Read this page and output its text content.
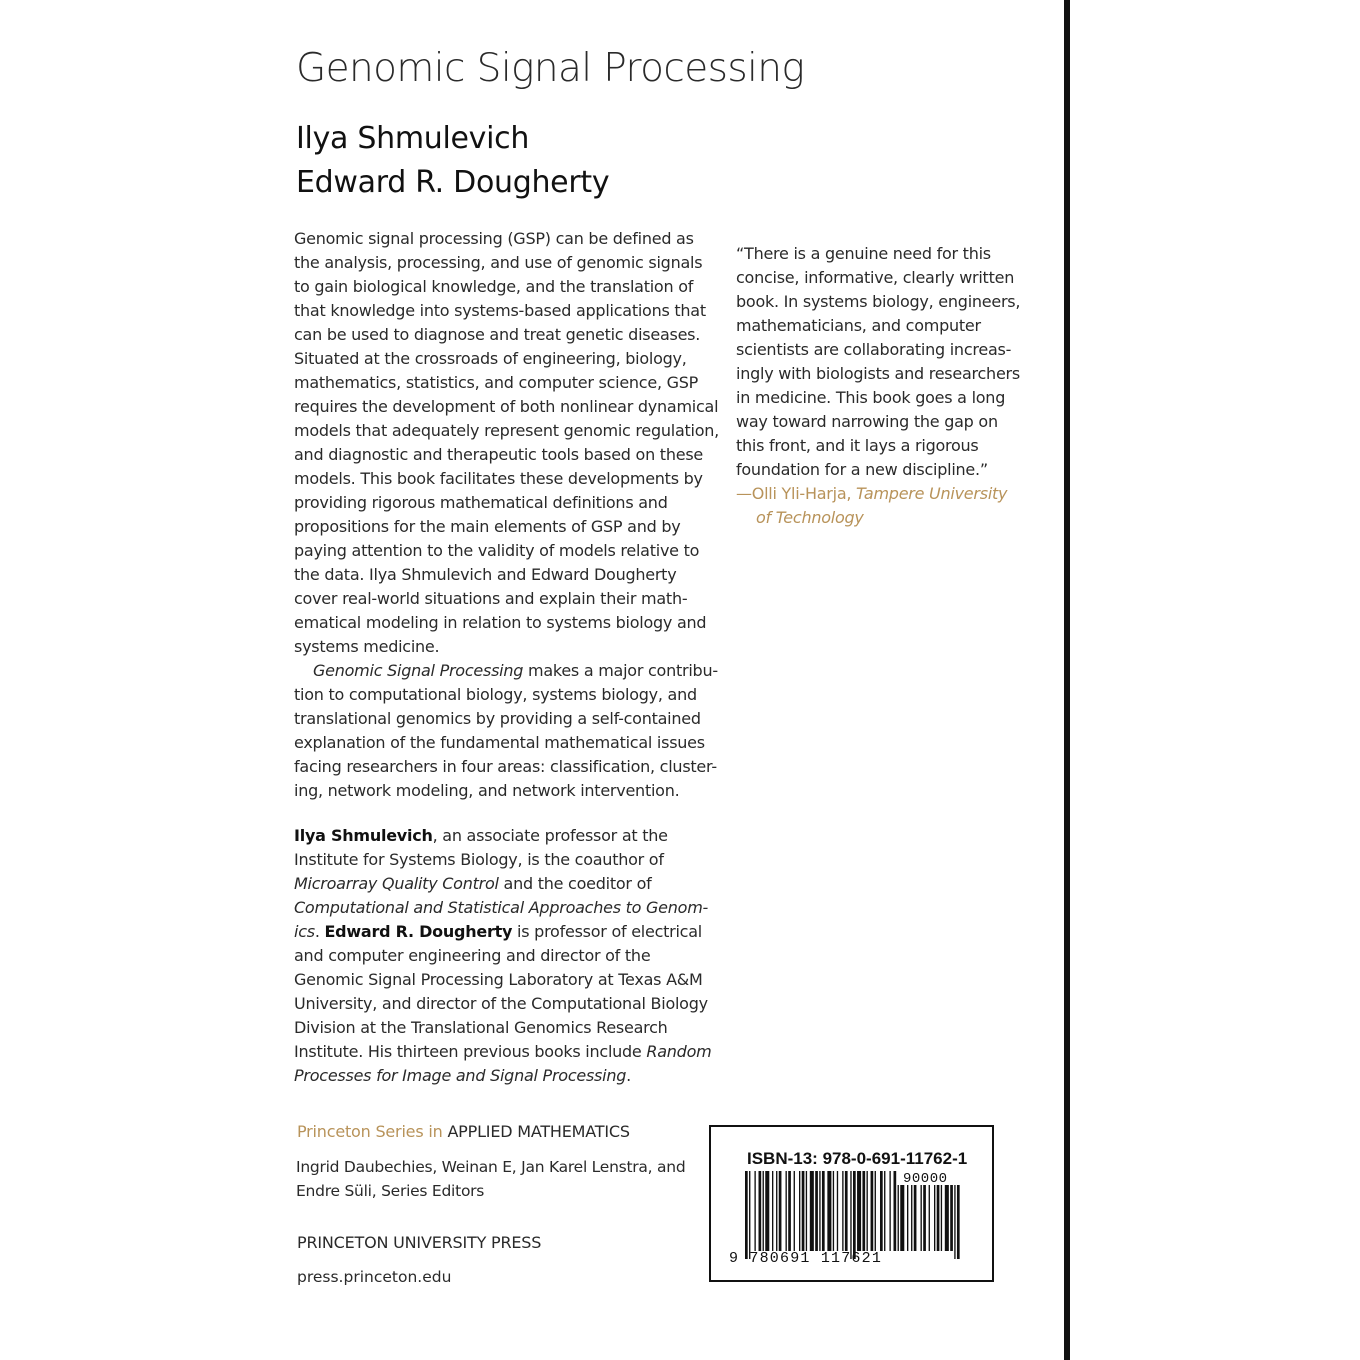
Genomic Signal Processing
Ilya Shmulevich
Edward R. Dougherty
Genomic signal processing (GSP) can be defined as
the analysis, processing, and use of genomic signals
to gain biological knowledge, and the translation of
that knowledge into systems-based applications that
can be used to diagnose and treat genetic diseases.
Situated at the crossroads of engineering, biology,
mathematics, statistics, and computer science, GSP
requires the development of both nonlinear dynamical
models that adequately represent genomic regulation,
and diagnostic and therapeutic tools based on these
models. This book facilitates these developments by
providing rigorous mathematical definitions and
propositions for the main elements of GSP and by
paying attention to the validity of models relative to
the data. Ilya Shmulevich and Edward Dougherty
cover real-world situations and explain their math-
ematical modeling in relation to systems biology and
systems medicine.
Genomic Signal Processing makes a major contribu-
tion to computational biology, systems biology, and
translational genomics by providing a self-contained
explanation of the fundamental mathematical issues
facing researchers in four areas: classification, cluster-
ing, network modeling, and network intervention.
Ilya Shmulevich, an associate professor at the
Institute for Systems Biology, is the coauthor of
Microarray Quality Control and the coeditor of
Computational and Statistical Approaches to Genom-
ics. Edward R. Dougherty is professor of electrical
and computer engineering and director of the
Genomic Signal Processing Laboratory at Texas A&M
University, and director of the Computational Biology
Division at the Translational Genomics Research
Institute. His thirteen previous books include Random
Processes for Image and Signal Processing.
“There is a genuine need for this
concise, informative, clearly written
book. In systems biology, engineers,
mathematicians, and computer
scientists are collaborating increas-
ingly with biologists and researchers
in medicine. This book goes a long
way toward narrowing the gap on
this front, and it lays a rigorous
foundation for a new discipline.”
—Olli Yli-Harja, Tampere University
of Technology
Princeton Series in APPLIED MATHEMATICS
Ingrid Daubechies, Weinan E, Jan Karel Lenstra, and
Endre Süli, Series Editors
PRINCETON UNIVERSITY PRESS
press.princeton.edu
ISBN-13: 978-0-691-11762-1
90000
9 780691 117621
